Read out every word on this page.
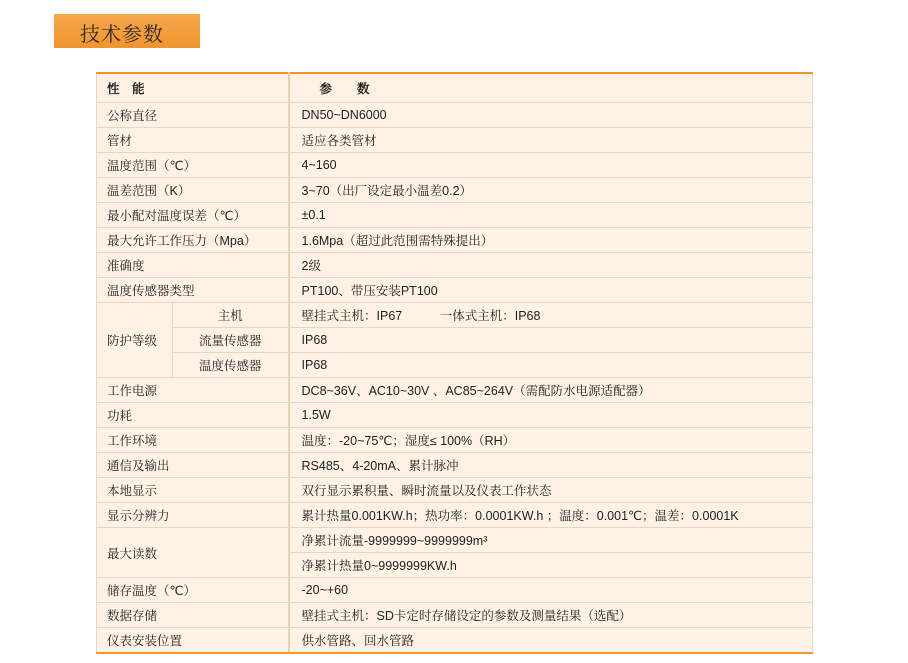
技术参数
性　能		参　　数
公称直径		DN50~DN6000
管材		适应各类管材
温度范围（℃）		4~160
温差范围（K）		3~70（出厂设定最小温差0.2）
最小配对温度误差（℃）		±0.1
最大允许工作压力（Mpa）		1.6Mpa（超过此范围需特殊提出）
准确度		2级
温度传感器类型		PT100、带压安装PT100
防护等级	主机	壁挂式主机：IP67　　　一体式主机：IP68
	流量传感器	IP68
	温度传感器	IP68
工作电源		DC8~36V、AC10~30V 、AC85~264V（需配防水电源适配器）
功耗		1.5W
工作环境		温度：-20~75℃；湿度≤ 100%（RH）
通信及输出		RS485、4-20mA、累计脉冲
本地显示		双行显示累积量、瞬时流量以及仪表工作状态
显示分辨力		累计热量0.001KW.h；热功率：0.0001KW.h ；温度：0.001℃；温差：0.0001K
最大读数		净累计流量-9999999~9999999m³
		净累计热量0~9999999KW.h
储存温度（℃）		-20~+60
数据存储		壁挂式主机：SD卡定时存储设定的参数及测量结果（选配）
仪表安装位置		供水管路、回水管路
